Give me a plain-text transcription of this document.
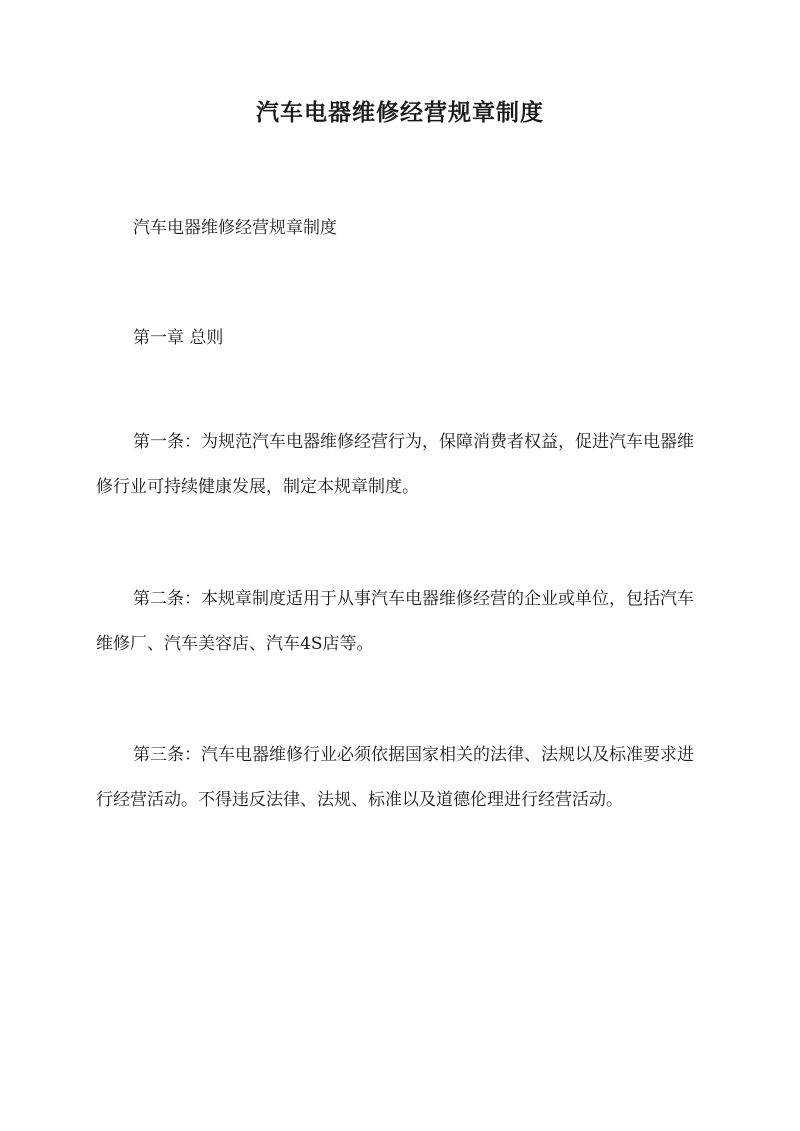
汽车电器维修经营规章制度

汽车电器维修经营规章制度

第一章 总则

第一条：为规范汽车电器维修经营行为，保障消费者权益，促进汽车电器维修行业可持续健康发展，制定本规章制度。

第二条：本规章制度适用于从事汽车电器维修经营的企业或单位，包括汽车维修厂、汽车美容店、汽车4S店等。

第三条：汽车电器维修行业必须依据国家相关的法律、法规以及标准要求进行经营活动。不得违反法律、法规、标准以及道德伦理进行经营活动。
